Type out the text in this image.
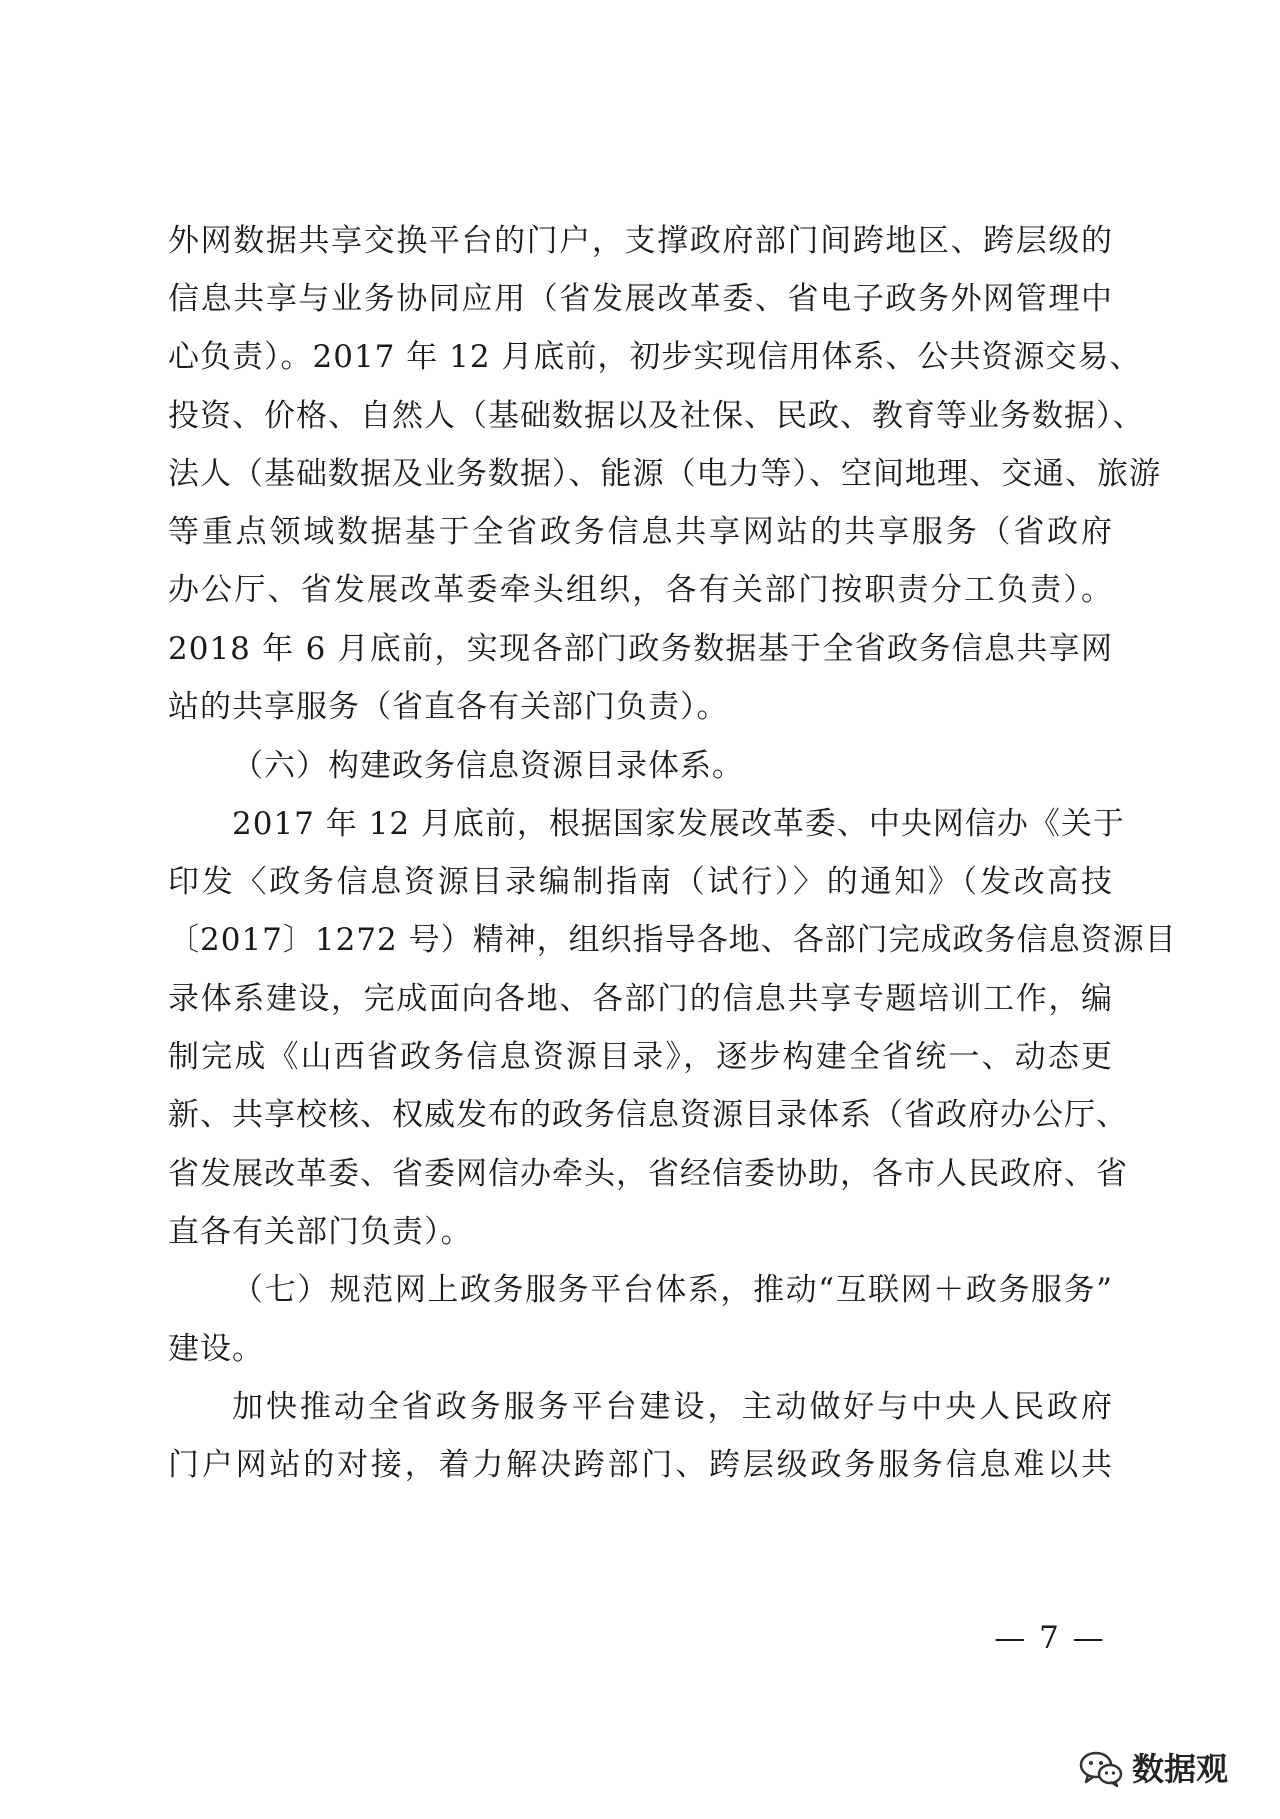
外网数据共享交换平台的门户，支撑政府部门间跨地区、跨层级的
信息共享与业务协同应用（省发展改革委、省电子政务外网管理中
心负责）。2017 年 12 月底前，初步实现信用体系、公共资源交易、
投资、价格、自然人（基础数据以及社保、民政、教育等业务数据）、
法人（基础数据及业务数据）、能源（电力等）、空间地理、交通、旅游
等重点领域数据基于全省政务信息共享网站的共享服务（省政府
办公厅、省发展改革委牵头组织，各有关部门按职责分工负责）。
2018 年 6 月底前，实现各部门政务数据基于全省政务信息共享网
站的共享服务（省直各有关部门负责）。
（六）构建政务信息资源目录体系。
2017 年 12 月底前，根据国家发展改革委、中央网信办《关于
印发〈政务信息资源目录编制指南（试行）〉的通知》（发改高技
〔2017〕1272 号）精神，组织指导各地、各部门完成政务信息资源目
录体系建设，完成面向各地、各部门的信息共享专题培训工作，编
制完成《山西省政务信息资源目录》，逐步构建全省统一、动态更
新、共享校核、权威发布的政务信息资源目录体系（省政府办公厅、
省发展改革委、省委网信办牵头，省经信委协助，各市人民政府、省
直各有关部门负责）。
（七）规范网上政务服务平台体系，推动“互联网＋政务服务”
建设。
加快推动全省政务服务平台建设，主动做好与中央人民政府
门户网站的对接，着力解决跨部门、跨层级政务服务信息难以共
— 7 —
数据观
